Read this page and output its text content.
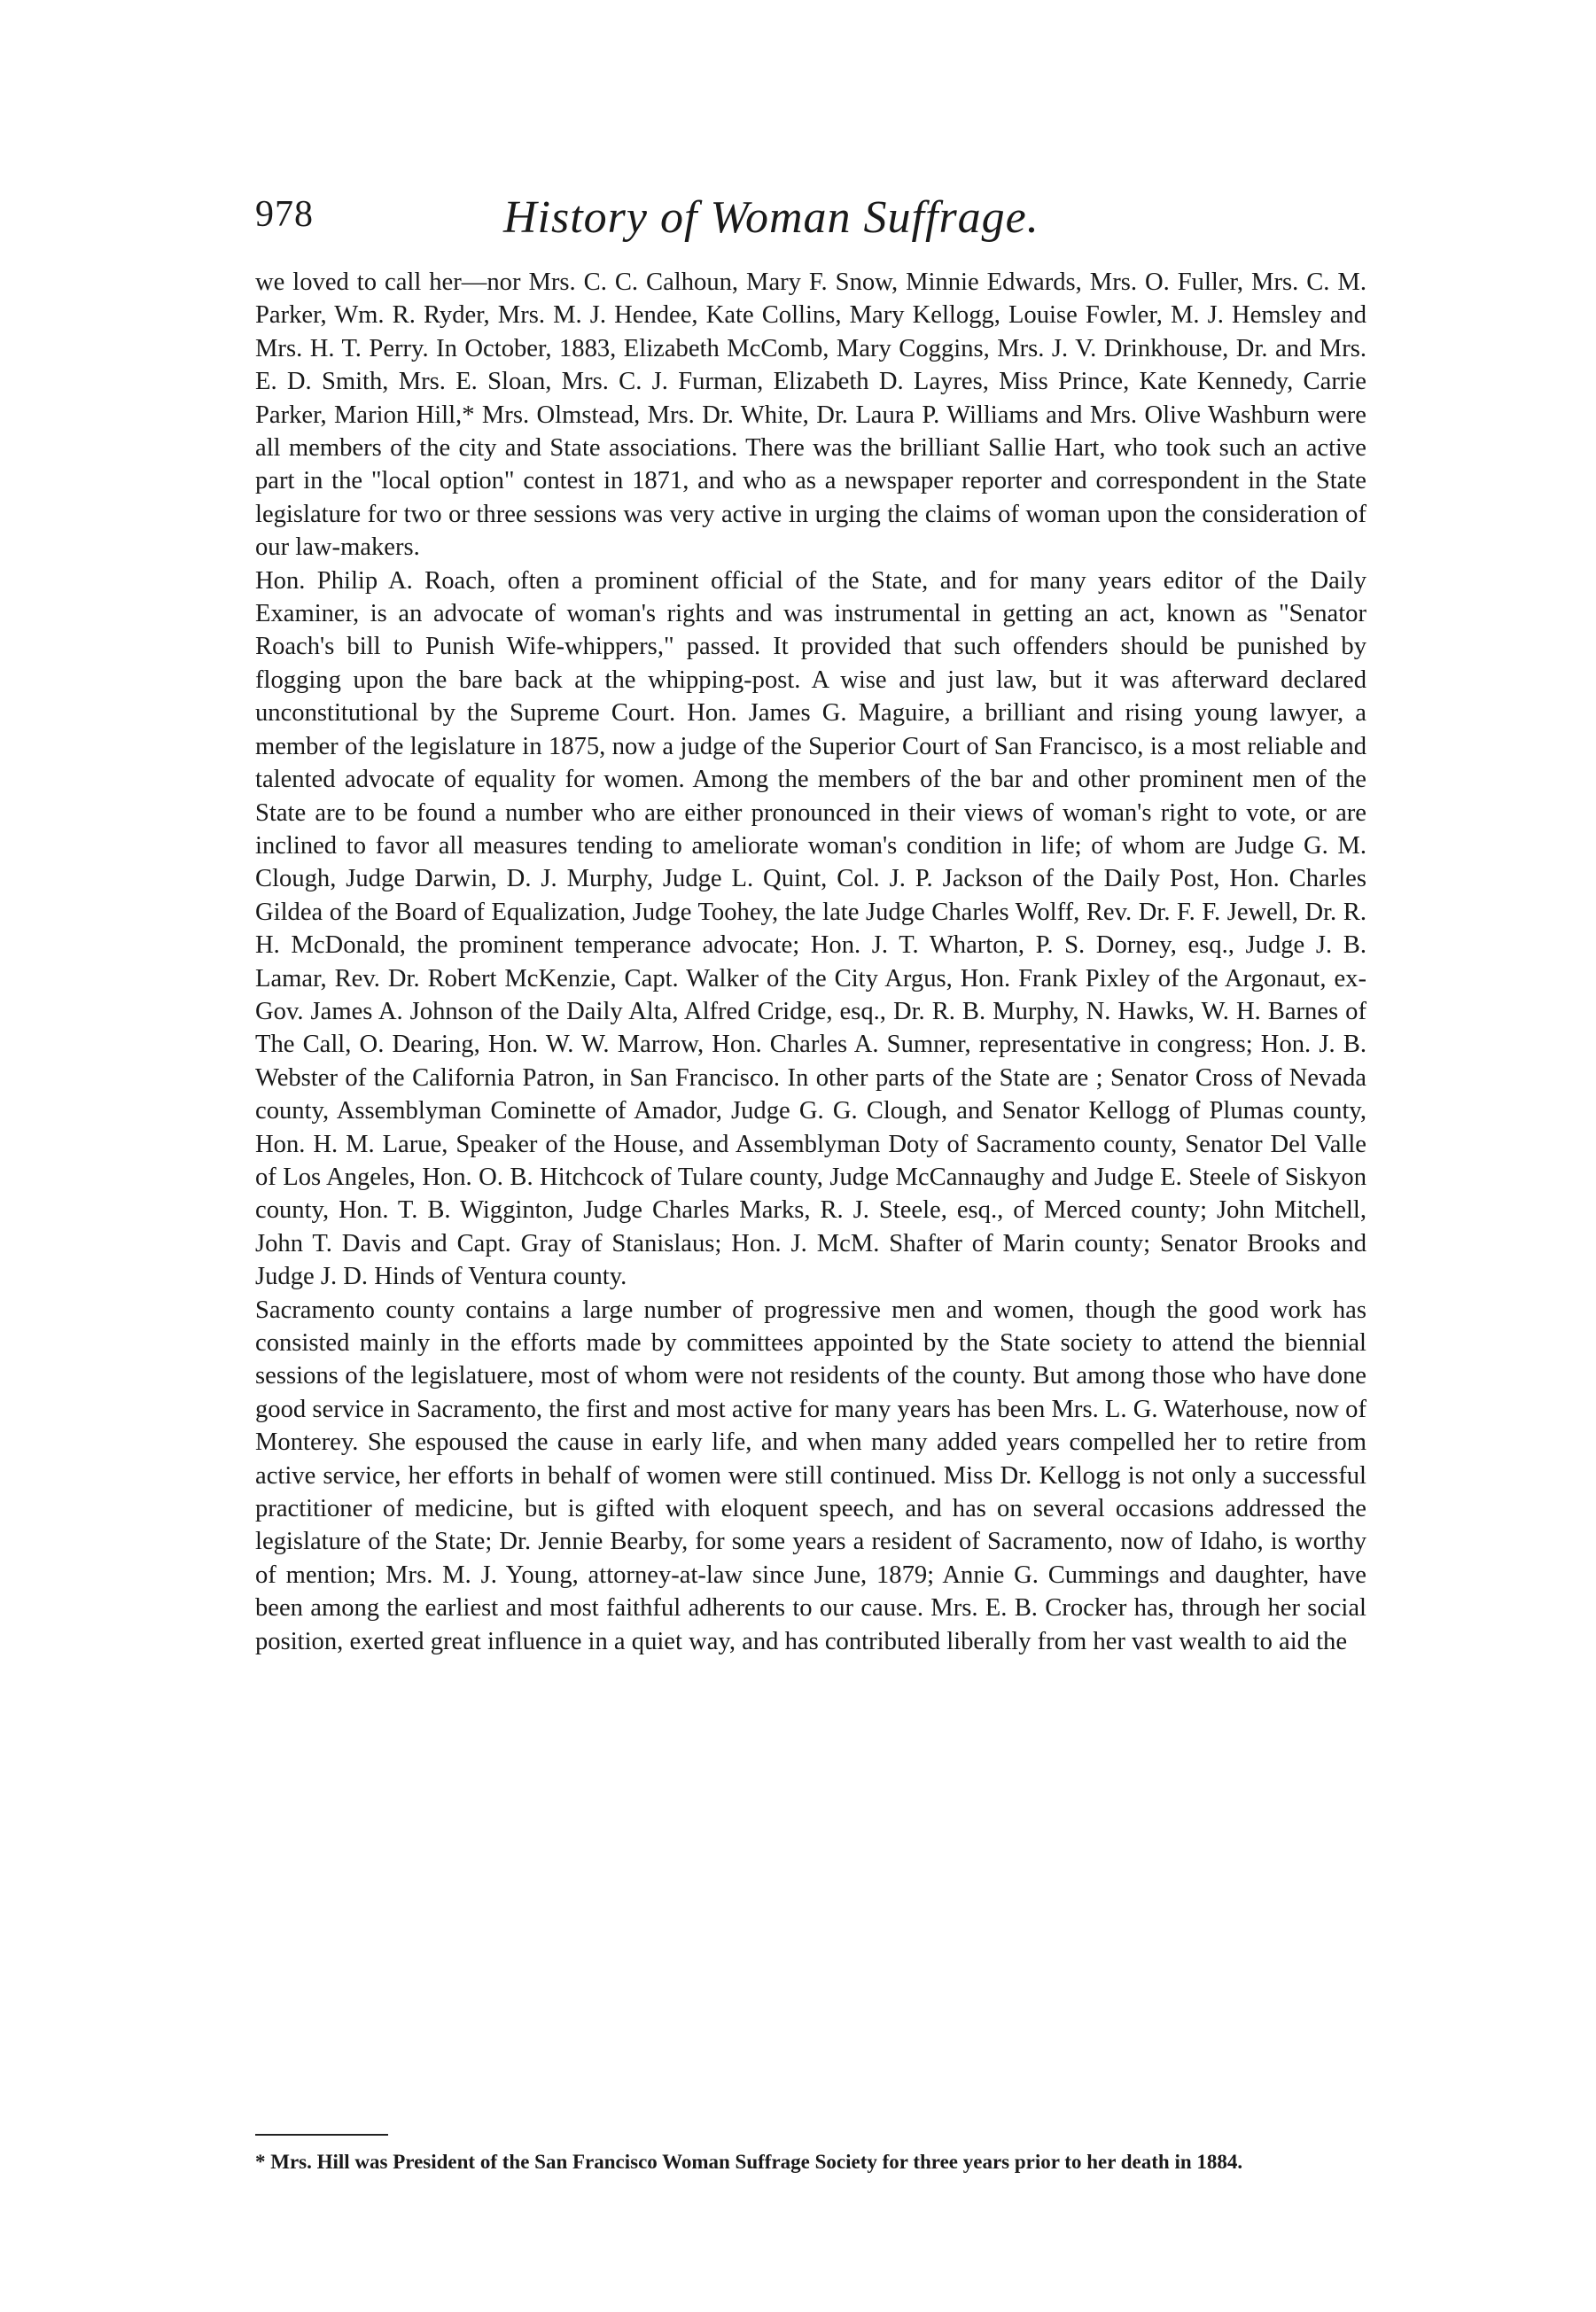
978	History of Woman Suffrage.

we loved to call her—nor Mrs. C. C. Calhoun, Mary F. Snow, Minnie Edwards, Mrs. O. Fuller, Mrs. C. M. Parker, Wm. R. Ryder, Mrs. M. J. Hendee, Kate Collins, Mary Kellogg, Louise Fowler, M. J. Hemsley and Mrs. H. T. Perry. In October, 1883, Elizabeth McComb, Mary Coggins, Mrs. J. V. Drinkhouse, Dr. and Mrs. E. D. Smith, Mrs. E. Sloan, Mrs. C. J. Furman, Elizabeth D. Layres, Miss Prince, Kate Kennedy, Carrie Parker, Marion Hill,* Mrs. Olmstead, Mrs. Dr. White, Dr. Laura P. Williams and Mrs. Olive Washburn were all members of the city and State associations. There was the brilliant Sallie Hart, who took such an active part in the "local option" contest in 1871, and who as a newspaper reporter and correspondent in the State legislature for two or three sessions was very active in urging the claims of woman upon the consideration of our law-makers.

Hon. Philip A. Roach, often a prominent official of the State, and for many years editor of the Daily Examiner, is an advocate of woman's rights and was instrumental in getting an act, known as "Senator Roach's bill to Punish Wife-whippers," passed. It provided that such offenders should be punished by flogging upon the bare back at the whipping-post. A wise and just law, but it was afterward declared unconstitutional by the Supreme Court. Hon. James G. Maguire, a brilliant and rising young lawyer, a member of the legislature in 1875, now a judge of the Superior Court of San Francisco, is a most reliable and talented advocate of equality for women. Among the members of the bar and other prominent men of the State are to be found a number who are either pronounced in their views of woman's right to vote, or are inclined to favor all measures tending to ameliorate woman's condition in life; of whom are Judge G. M. Clough, Judge Darwin, D. J. Murphy, Judge L. Quint, Col. J. P. Jackson of the Daily Post, Hon. Charles Gildea of the Board of Equalization, Judge Toohey, the late Judge Charles Wolff, Rev. Dr. F. F. Jewell, Dr. R. H. McDonald, the prominent temperance advocate; Hon. J. T. Wharton, P. S. Dorney, esq., Judge J. B. Lamar, Rev. Dr. Robert McKenzie, Capt. Walker of the City Argus, Hon. Frank Pixley of the Argonaut, ex-Gov. James A. Johnson of the Daily Alta, Alfred Cridge, esq., Dr. R. B. Murphy, N. Hawks, W. H. Barnes of The Call, O. Dearing, Hon. W. W. Marrow, Hon. Charles A. Sumner, representative in congress; Hon. J. B. Webster of the California Patron, in San Francisco. In other parts of the State are ; Senator Cross of Nevada county, Assemblyman Cominette of Amador, Judge G. G. Clough, and Senator Kellogg of Plumas county, Hon. H. M. Larue, Speaker of the House, and Assemblyman Doty of Sacramento county, Senator Del Valle of Los Angeles, Hon. O. B. Hitchcock of Tulare county, Judge McCannaughy and Judge E. Steele of Siskyon county, Hon. T. B. Wigginton, Judge Charles Marks, R. J. Steele, esq., of Merced county; John Mitchell, John T. Davis and Capt. Gray of Stanislaus; Hon. J. McM. Shafter of Marin county; Senator Brooks and Judge J. D. Hinds of Ventura county.

Sacramento county contains a large number of progressive men and women, though the good work has consisted mainly in the efforts made by committees appointed by the State society to attend the biennial sessions of the legislatuere, most of whom were not residents of the county. But among those who have done good service in Sacramento, the first and most active for many years has been Mrs. L. G. Waterhouse, now of Monterey. She espoused the cause in early life, and when many added years compelled her to retire from active service, her efforts in behalf of women were still continued. Miss Dr. Kellogg is not only a successful practitioner of medicine, but is gifted with eloquent speech, and has on several occasions addressed the legislature of the State; Dr. Jennie Bearby, for some years a resident of Sacramento, now of Idaho, is worthy of mention; Mrs. M. J. Young, attorney-at-law since June, 1879; Annie G. Cummings and daughter, have been among the earliest and most faithful adherents to our cause. Mrs. E. B. Crocker has, through her social position, exerted great influence in a quiet way, and has contributed liberally from her vast wealth to aid the

* Mrs. Hill was President of the San Francisco Woman Suffrage Society for three years prior to her death in 1884.
